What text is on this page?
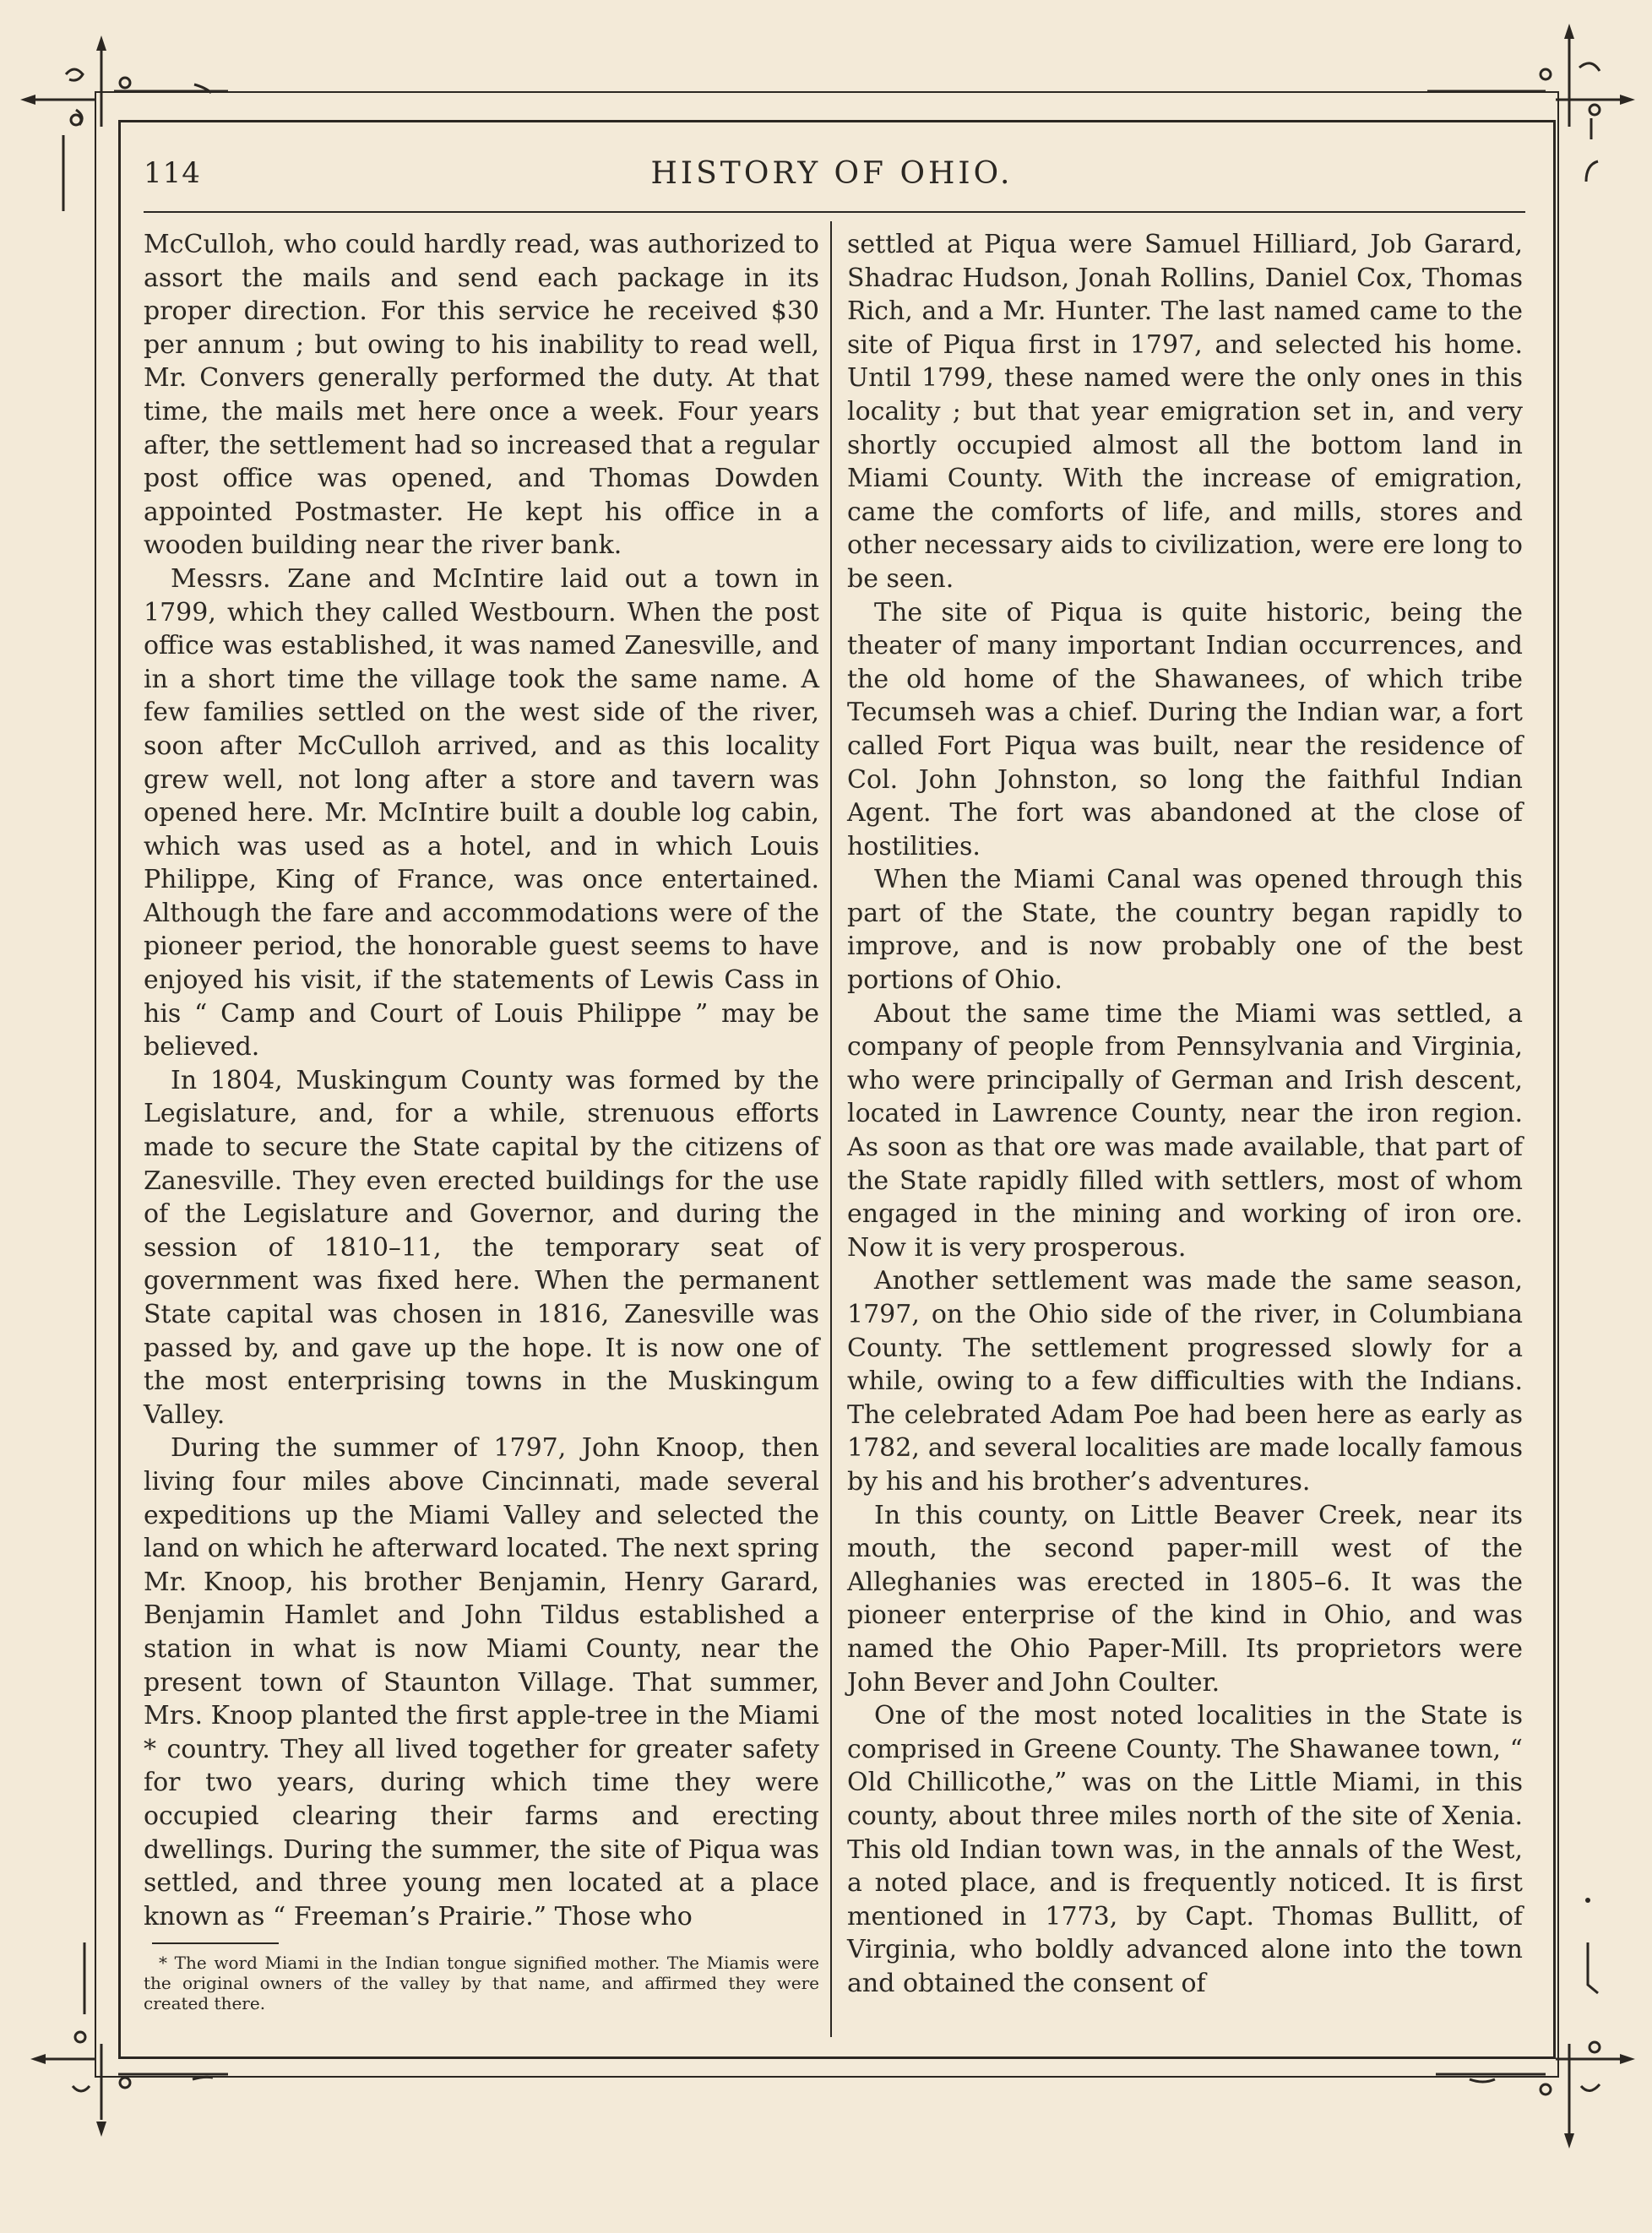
114	HISTORY OF OHIO.

McCulloh, who could hardly read, was authorized to assort the mails and send each package in its proper direction. For this service he received $30 per annum ; but owing to his inability to read well, Mr. Convers generally performed the duty. At that time, the mails met here once a week. Four years after, the settlement had so increased that a regular post office was opened, and Thomas Dowden appointed Postmaster. He kept his office in a wooden building near the river bank.

Messrs. Zane and McIntire laid out a town in 1799, which they called Westbourn. When the post office was established, it was named Zanesville, and in a short time the village took the same name. A few families settled on the west side of the river, soon after McCulloh arrived, and as this locality grew well, not long after a store and tavern was opened here. Mr. McIntire built a double log cabin, which was used as a hotel, and in which Louis Philippe, King of France, was once entertained. Although the fare and accommodations were of the pioneer period, the honorable guest seems to have enjoyed his visit, if the statements of Lewis Cass in his “ Camp and Court of Louis Philippe ” may be believed.

In 1804, Muskingum County was formed by the Legislature, and, for a while, strenuous efforts made to secure the State capital by the citizens of Zanesville. They even erected buildings for the use of the Legislature and Governor, and during the session of 1810–11, the temporary seat of government was fixed here. When the permanent State capital was chosen in 1816, Zanesville was passed by, and gave up the hope. It is now one of the most enterprising towns in the Muskingum Valley.

During the summer of 1797, John Knoop, then living four miles above Cincinnati, made several expeditions up the Miami Valley and selected the land on which he afterward located. The next spring Mr. Knoop, his brother Benjamin, Henry Garard, Benjamin Hamlet and John Tildus established a station in what is now Miami County, near the present town of Staunton Village. That summer, Mrs. Knoop planted the first apple-tree in the Miami * country. They all lived together for greater safety for two years, during which time they were occupied clearing their farms and erecting dwellings. During the summer, the site of Piqua was settled, and three young men located at a place known as “ Freeman’s Prairie.” Those who

settled at Piqua were Samuel Hilliard, Job Garard, Shadrac Hudson, Jonah Rollins, Daniel Cox, Thomas Rich, and a Mr. Hunter. The last named came to the site of Piqua first in 1797, and selected his home. Until 1799, these named were the only ones in this locality ; but that year emigration set in, and very shortly occupied almost all the bottom land in Miami County. With the increase of emigration, came the comforts of life, and mills, stores and other necessary aids to civilization, were ere long to be seen.

The site of Piqua is quite historic, being the theater of many important Indian occurrences, and the old home of the Shawanees, of which tribe Tecumseh was a chief. During the Indian war, a fort called Fort Piqua was built, near the residence of Col. John Johnston, so long the faithful Indian Agent. The fort was abandoned at the close of hostilities.

When the Miami Canal was opened through this part of the State, the country began rapidly to improve, and is now probably one of the best portions of Ohio.

About the same time the Miami was settled, a company of people from Pennsylvania and Virginia, who were principally of German and Irish descent, located in Lawrence County, near the iron region. As soon as that ore was made available, that part of the State rapidly filled with settlers, most of whom engaged in the mining and working of iron ore. Now it is very prosperous.

Another settlement was made the same season, 1797, on the Ohio side of the river, in Columbiana County. The settlement progressed slowly for a while, owing to a few difficulties with the Indians. The celebrated Adam Poe had been here as early as 1782, and several localities are made locally famous by his and his brother’s adventures.

In this county, on Little Beaver Creek, near its mouth, the second paper-mill west of the Alleghanies was erected in 1805–6. It was the pioneer enterprise of the kind in Ohio, and was named the Ohio Paper-Mill. Its proprietors were John Bever and John Coulter.

One of the most noted localities in the State is comprised in Greene County. The Shawanee town, “ Old Chillicothe,” was on the Little Miami, in this county, about three miles north of the site of Xenia. This old Indian town was, in the annals of the West, a noted place, and is frequently noticed. It is first mentioned in 1773, by Capt. Thomas Bullitt, of Virginia, who boldly advanced alone into the town and obtained the consent of

* The word Miami in the Indian tongue signified mother. The Miamis were the original owners of the valley by that name, and affirmed they were created there.
